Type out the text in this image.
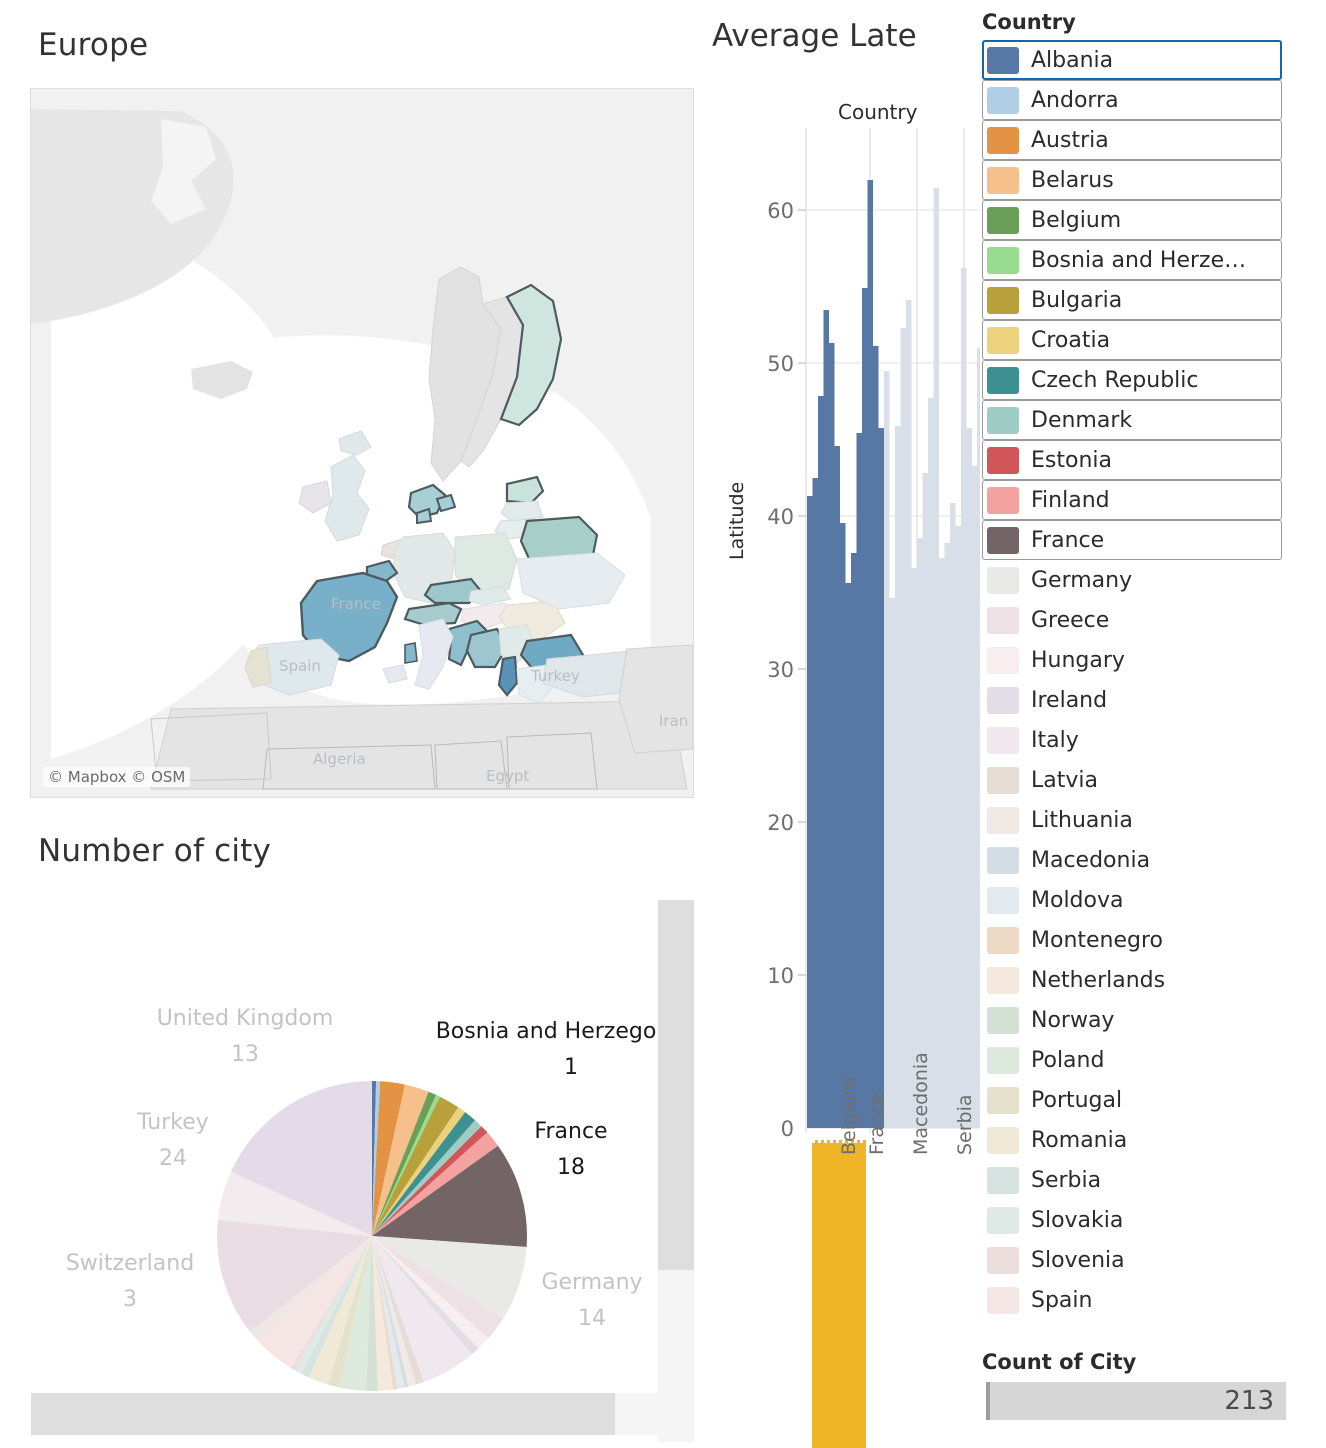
Europe
France
Spain
Turkey
Iran
Algeria
Egypt
© Mapbox © OSM
Number of city
United Kingdom
13
Turkey
24
Switzerland
3
Bosnia and Herzego
1
France
18
Germany
14
Average Late
Country
Latitude
60
50
40
30
20
10
0 Belgium France Macedonia Serbia
Country
Albania
Andorra
Austria
Belarus
Belgium
Bosnia and Herze…
Bulgaria
Croatia
Czech Republic
Denmark
Estonia
Finland
France
Germany
Greece
Hungary
Ireland
Italy
Latvia
Lithuania
Macedonia
Moldova
Montenegro
Netherlands
Norway
Poland
Portugal
Romania
Serbia
Slovakia
Slovenia
Spain
Count of City
213
